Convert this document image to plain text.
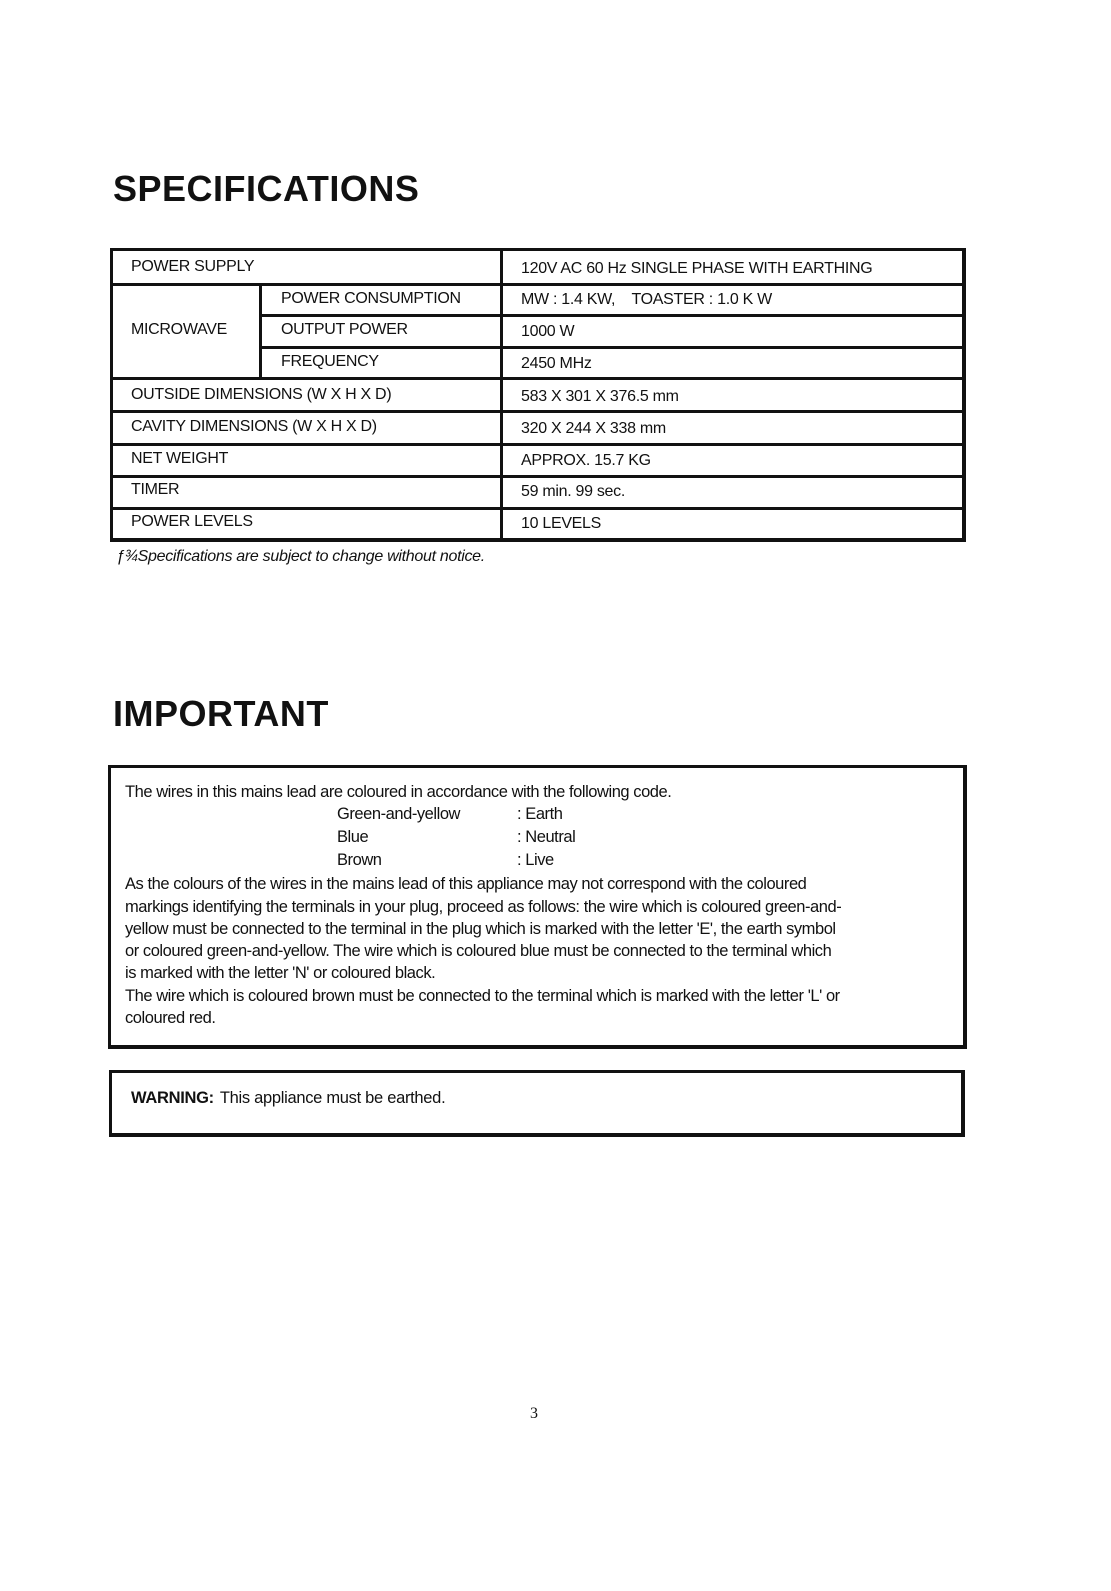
SPECIFICATIONS
POWER SUPPLY	120V AC 60 Hz SINGLE PHASE WITH EARTHING
MICROWAVE
POWER CONSUMPTION	MW : 1.4 KW,    TOASTER : 1.0 K W
OUTPUT POWER	1000 W
FREQUENCY	2450 MHz
OUTSIDE DIMENSIONS (W X H X D)	583 X 301 X 376.5 mm
CAVITY DIMENSIONS (W X H X D)	320 X 244 X 338 mm
NET WEIGHT	APPROX. 15.7 KG
TIMER	59 min. 99 sec.
POWER LEVELS	10 LEVELS
ƒ¾Specifications are subject to change without notice.
IMPORTANT
The wires in this mains lead are coloured in accordance with the following code.
Green-and-yellow	: Earth
Blue	: Neutral
Brown	: Live
As the colours of the wires in the mains lead of this appliance may not correspond with the coloured
markings identifying the terminals in your plug, proceed as follows: the wire which is coloured green-and-
yellow must be connected to the terminal in the plug which is marked with the letter 'E', the earth symbol
or coloured green-and-yellow. The wire which is coloured blue must be connected to the terminal which
is marked with the letter 'N' or coloured black.
The wire which is coloured brown must be connected to the terminal which is marked with the letter 'L' or
coloured red.
WARNING: This appliance must be earthed.
3
